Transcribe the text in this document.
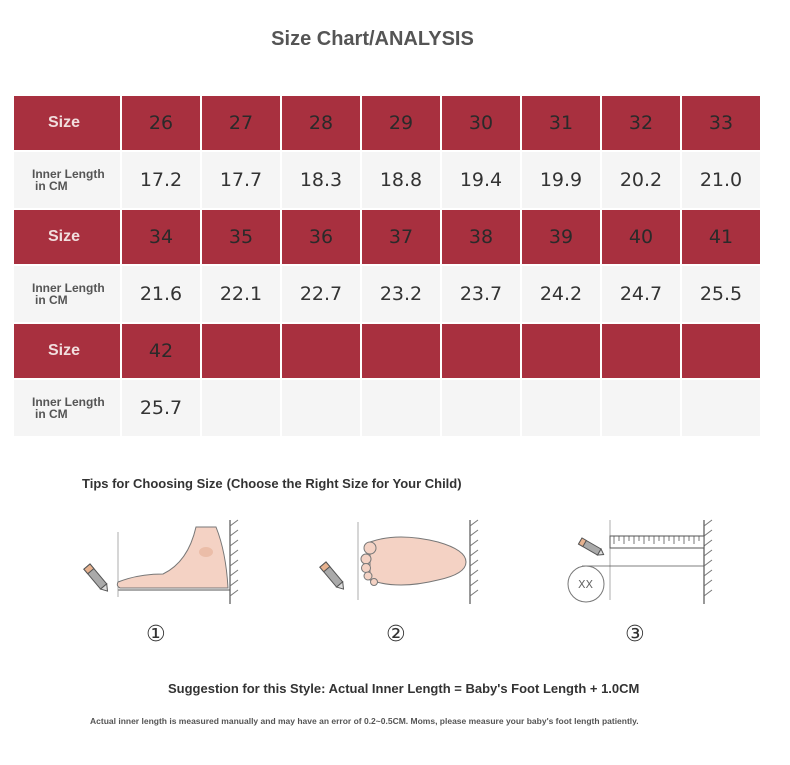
Size Chart/ANALYSIS
Size	26	27	28	29	30	31	32	33
Inner Length
in CM	17.2	17.7	18.3	18.8	19.4	19.9	20.2	21.0
Size	34	35	36	37	38	39	40	41
Inner Length
in CM	21.6	22.1	22.7	23.2	23.7	24.2	24.7	25.5
Size	42
Inner Length
in CM	25.7
Tips for Choosing Size (Choose the Right Size for Your Child)
XX
①	②	③
Suggestion for this Style: Actual Inner Length = Baby's Foot Length + 1.0CM
Actual inner length is measured manually and may have an error of 0.2~0.5CM. Moms, please measure your baby's foot length patiently.
